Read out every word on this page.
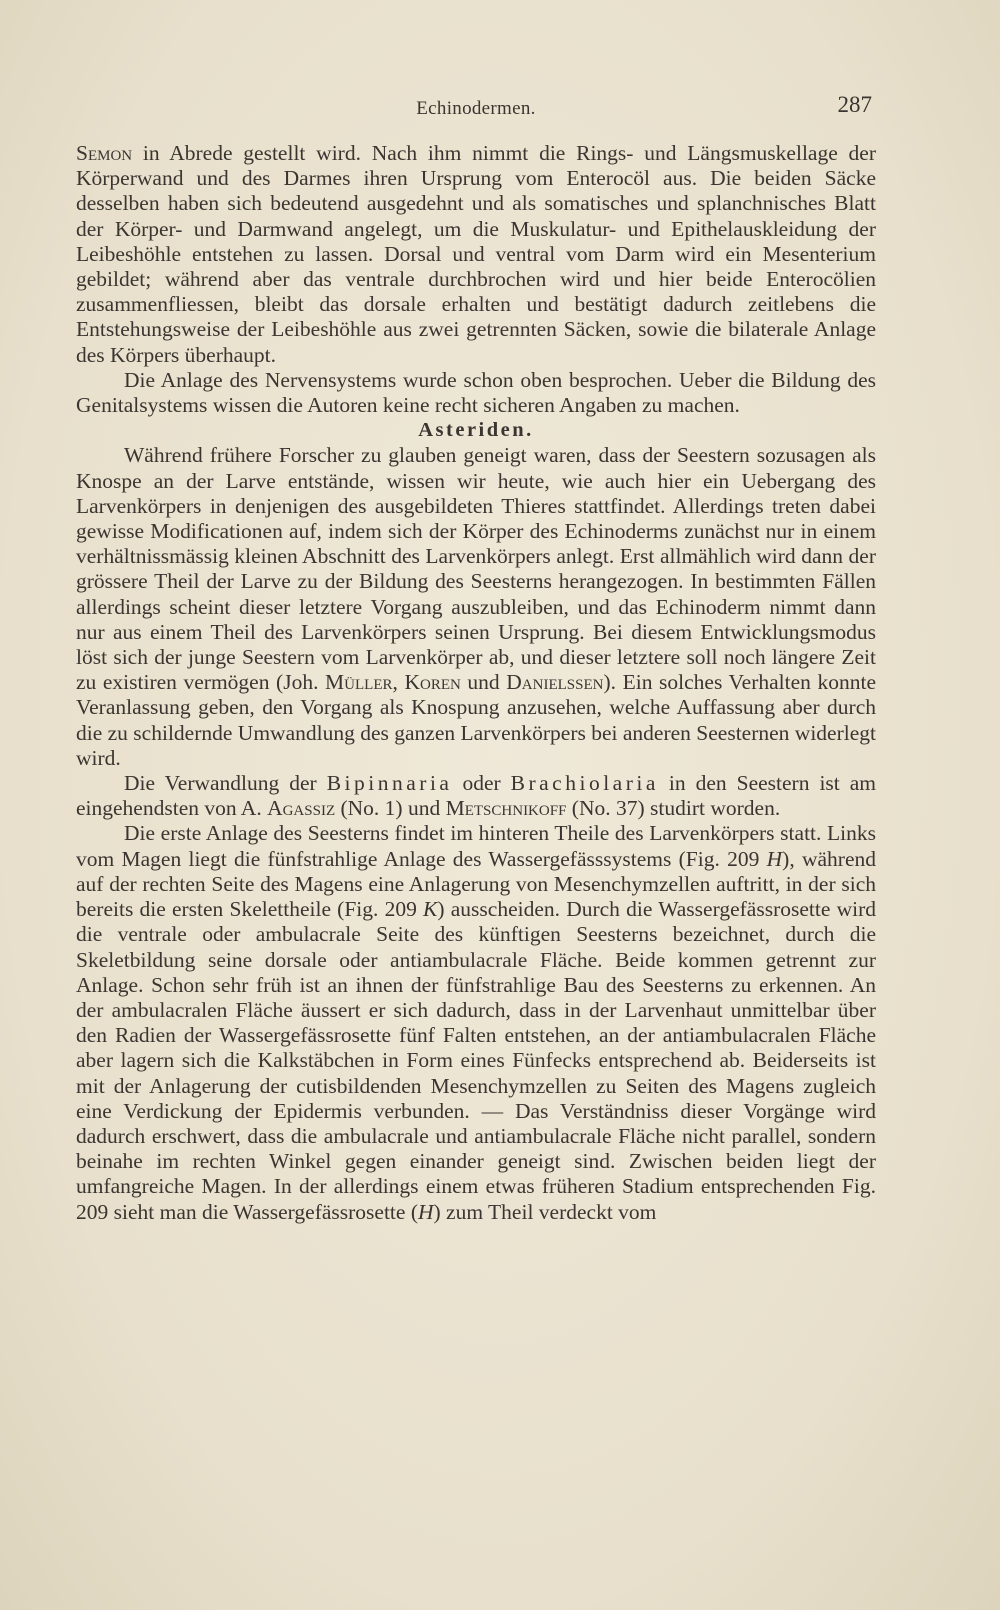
Echinodermen.	287

Semon in Abrede gestellt wird. Nach ihm nimmt die Rings- und Längsmuskellage der Körperwand und des Darmes ihren Ursprung vom Enterocöl aus. Die beiden Säcke desselben haben sich bedeutend ausgedehnt und als somatisches und splanchnisches Blatt der Körper- und Darmwand angelegt, um die Muskulatur- und Epithelauskleidung der Leibeshöhle entstehen zu lassen. Dorsal und ventral vom Darm wird ein Mesenterium gebildet; während aber das ventrale durchbrochen wird und hier beide Enterocölien zusammenfliessen, bleibt das dorsale erhalten und bestätigt dadurch zeitlebens die Entstehungsweise der Leibeshöhle aus zwei getrennten Säcken, sowie die bilaterale Anlage des Körpers überhaupt.

Die Anlage des Nervensystems wurde schon oben besprochen. Ueber die Bildung des Genitalsystems wissen die Autoren keine recht sicheren Angaben zu machen.

Asteriden.

Während frühere Forscher zu glauben geneigt waren, dass der Seestern sozusagen als Knospe an der Larve entstände, wissen wir heute, wie auch hier ein Uebergang des Larvenkörpers in denjenigen des ausgebildeten Thieres stattfindet. Allerdings treten dabei gewisse Modificationen auf, indem sich der Körper des Echinoderms zunächst nur in einem verhältnissmässig kleinen Abschnitt des Larvenkörpers anlegt. Erst allmählich wird dann der grössere Theil der Larve zu der Bildung des Seesterns herangezogen. In bestimmten Fällen allerdings scheint dieser letztere Vorgang auszubleiben, und das Echinoderm nimmt dann nur aus einem Theil des Larvenkörpers seinen Ursprung. Bei diesem Entwicklungsmodus löst sich der junge Seestern vom Larvenkörper ab, und dieser letztere soll noch längere Zeit zu existiren vermögen (Joh. Müller, Koren und Danielssen). Ein solches Verhalten konnte Veranlassung geben, den Vorgang als Knospung anzusehen, welche Auffassung aber durch die zu schildernde Umwandlung des ganzen Larvenkörpers bei anderen Seesternen widerlegt wird.

Die Verwandlung der Bipinnaria oder Brachiolaria in den Seestern ist am eingehendsten von A. Agassiz (No. 1) und Metschnikoff (No. 37) studirt worden.

Die erste Anlage des Seesterns findet im hinteren Theile des Larvenkörpers statt. Links vom Magen liegt die fünfstrahlige Anlage des Wassergefässsystems (Fig. 209 H), während auf der rechten Seite des Magens eine Anlagerung von Mesenchymzellen auftritt, in der sich bereits die ersten Skelettheile (Fig. 209 K) ausscheiden. Durch die Wassergefässrosette wird die ventrale oder ambulacrale Seite des künftigen Seesterns bezeichnet, durch die Skeletbildung seine dorsale oder antiambulacrale Fläche. Beide kommen getrennt zur Anlage. Schon sehr früh ist an ihnen der fünfstrahlige Bau des Seesterns zu erkennen. An der ambulacralen Fläche äussert er sich dadurch, dass in der Larvenhaut unmittelbar über den Radien der Wassergefässrosette fünf Falten entstehen, an der antiambulacralen Fläche aber lagern sich die Kalkstäbchen in Form eines Fünfecks entsprechend ab. Beiderseits ist mit der Anlagerung der cutisbildenden Mesenchymzellen zu Seiten des Magens zugleich eine Verdickung der Epidermis verbunden. — Das Verständniss dieser Vorgänge wird dadurch erschwert, dass die ambulacrale und antiambulacrale Fläche nicht parallel, sondern beinahe im rechten Winkel gegen einander geneigt sind. Zwischen beiden liegt der umfangreiche Magen. In der allerdings einem etwas früheren Stadium entsprechenden Fig. 209 sieht man die Wassergefässrosette (H) zum Theil verdeckt vom
